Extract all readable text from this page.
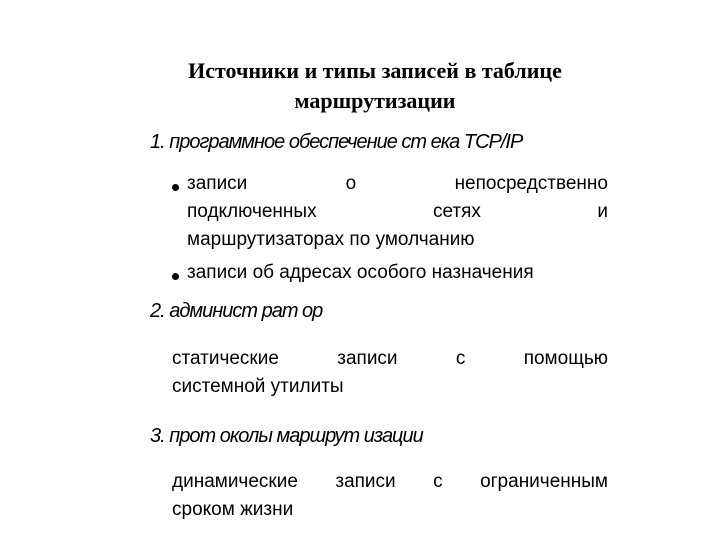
Источники и типы записей в таблице маршрутизации
1. программное обеспечение ст ека TCP/IP
записи	о	непосредственно
подключенных	сетях	и
маршрутизаторах по умолчанию
записи об адресах особого назначения
2. админист рат ор
статические	записи	с	помощью
системной утилиты
3. прот околы маршрут изации
динамические записи с ограниченным
сроком жизни
